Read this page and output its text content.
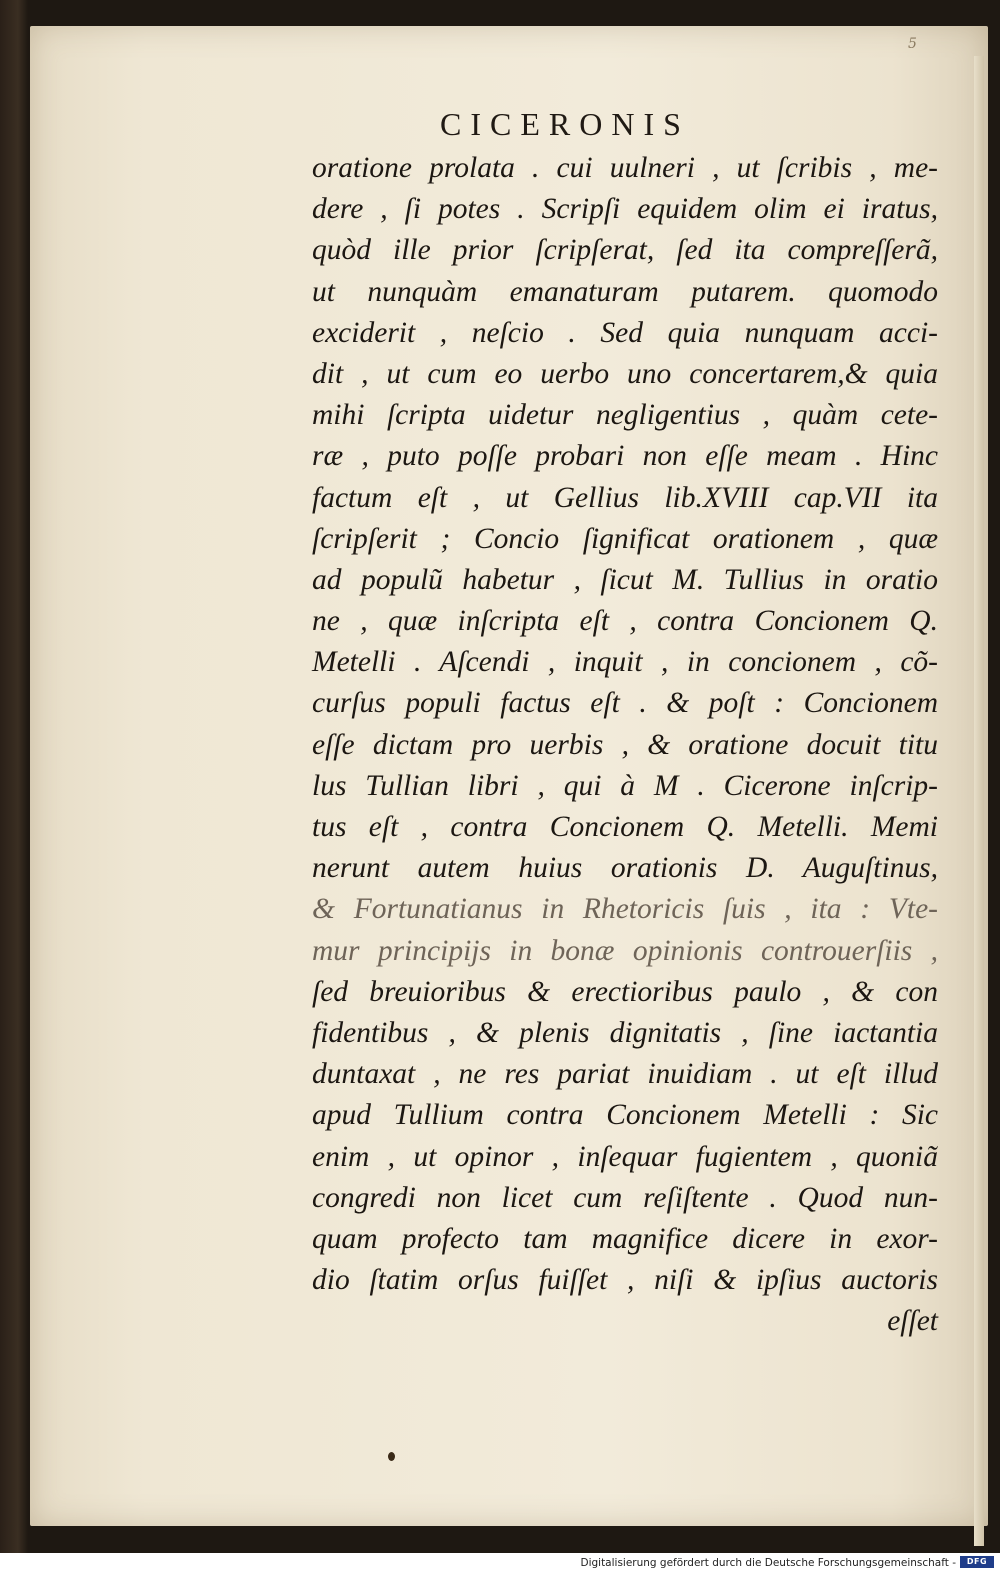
5
CICERONIS
oratione prolata . cui uulneri , ut ſcribis , me-
dere , ſi potes . Scripſi equidem olim ei iratus,
quòd ille prior ſcripſerat, ſed ita compreſſerã,
ut nunquàm emanaturam putarem. quomodo
exciderit , neſcio . Sed quia nunquam acci-
dit , ut cum eo uerbo uno concertarem,& quia
mihi ſcripta uidetur negligentius , quàm cete-
ræ , puto poſſe probari non eſſe meam . Hinc
factum eſt , ut Gellius lib.XVIII cap.VII ita
ſcripſerit ; Concio ſignificat orationem , quæ
ad populũ habetur , ſicut M. Tullius in oratio
ne , quæ inſcripta eſt , contra Concionem Q.
Metelli . Aſcendi , inquit , in concionem , cõ-
curſus populi factus eſt . & poſt : Concionem
eſſe dictam pro uerbis , & oratione docuit titu
lus Tullian libri , qui à M . Cicerone inſcrip-
tus eſt , contra Concionem Q. Metelli. Memi
nerunt autem huius orationis D. Auguſtinus,
& Fortunatianus in Rhetoricis ſuis , ita : Vte-
mur principijs in bonæ opinionis controuerſiis ,
ſed breuioribus & erectioribus paulo , & con
fidentibus , & plenis dignitatis , ſine iactantia
duntaxat , ne res pariat inuidiam . ut eſt illud
apud Tullium contra Concionem Metelli : Sic
enim , ut opinor , inſequar fugientem , quoniã
congredi non licet cum reſiſtente . Quod nun-
quam profecto tam magnifice dicere in exor-
dio ſtatim orſus fuiſſet , niſi & ipſius auctoris
eſſet
Digitalisierung gefördert durch die Deutsche Forschungsgemeinschaft -	DFG
